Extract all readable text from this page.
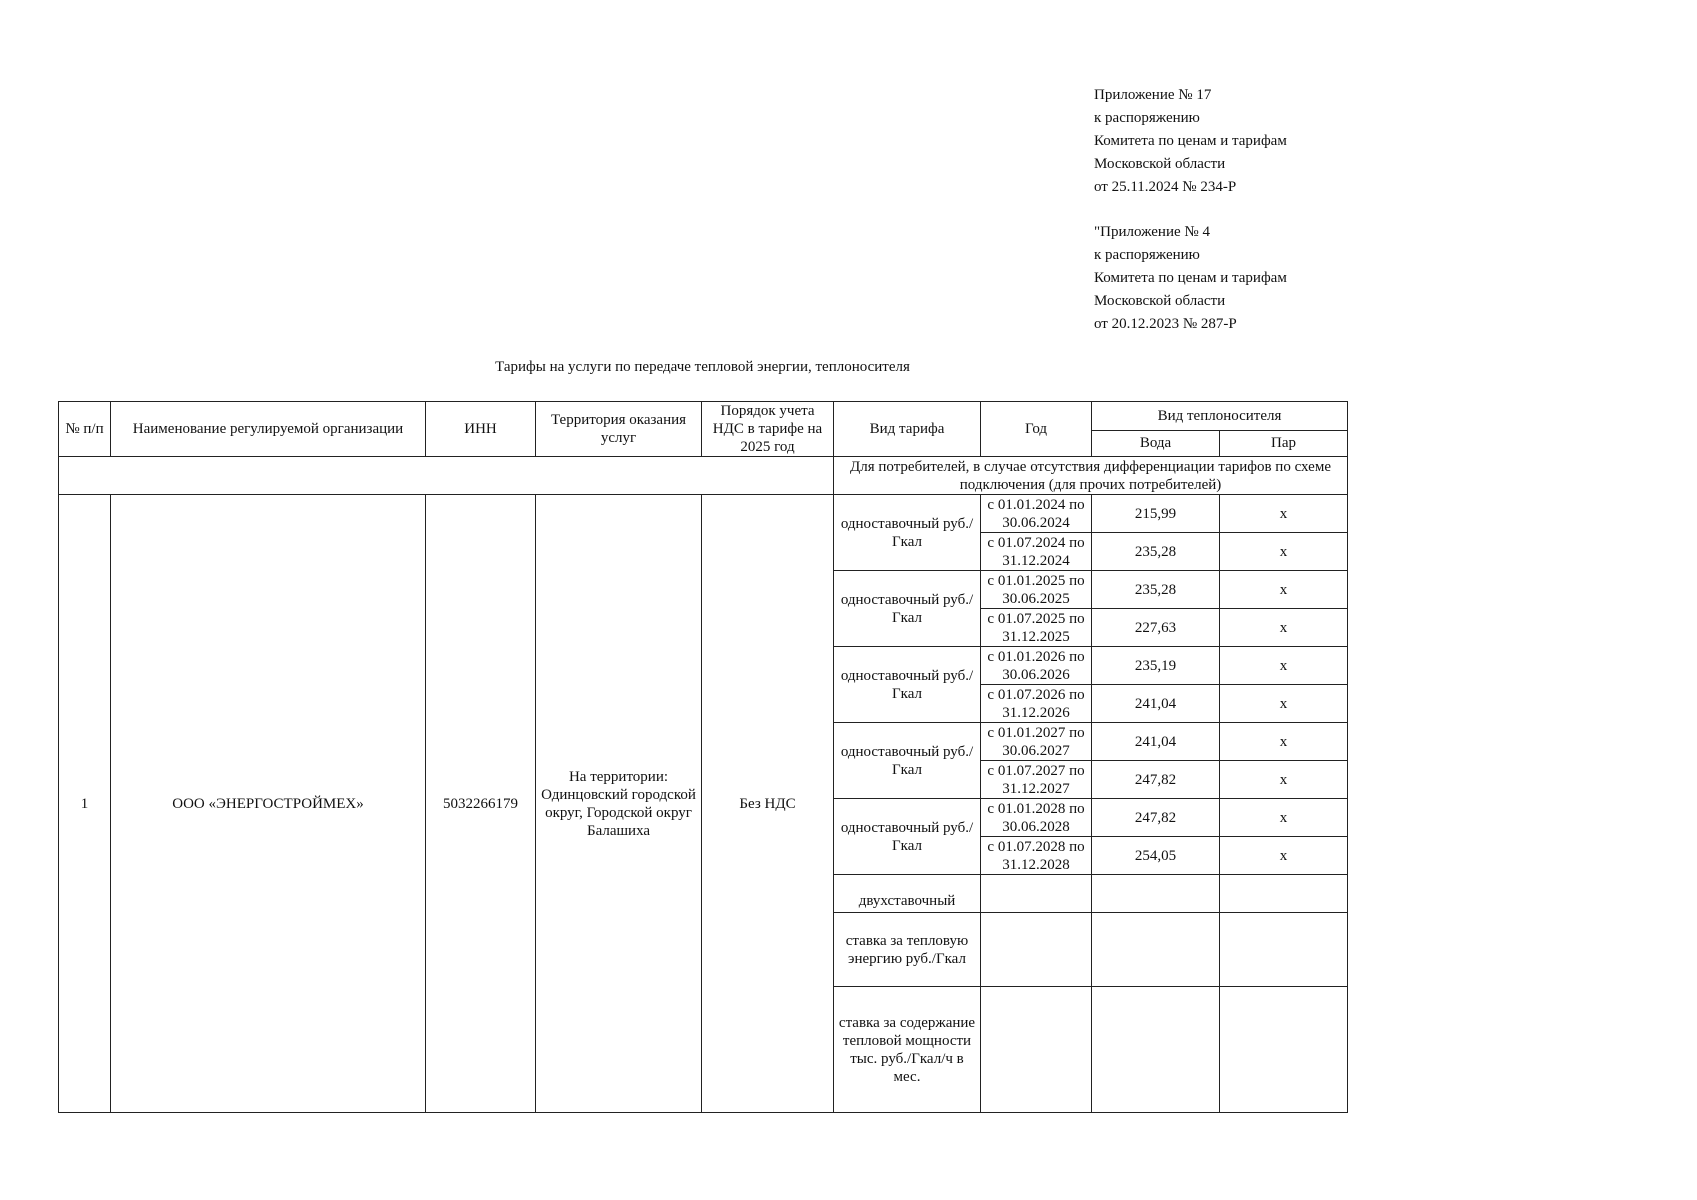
Приложение № 17
к распоряжению
Комитета по ценам и тарифам
Московской области
от 25.11.2024 № 234-Р
"Приложение № 4
к распоряжению
Комитета по ценам и тарифам
Московской области
от 20.12.2023 № 287-Р
Тарифы на услуги по передаче тепловой энергии, теплоносителя
№ п/п	Наименование регулируемой организации	ИНН	Территория оказания услуг	Порядок учета НДС в тарифе на 2025 год	Вид тарифа	Год	Вид теплоносителя	
							Вода	Пар
					Для потребителей, в случае отсутствия дифференциации тарифов по схеме подключения (для прочих потребителей)			
1	ООО «ЭНЕРГОСТРОЙМЕХ»	5032266179	На территории: Одинцовский городской округ, Городской округ Балашиха	Без НДС	одноставочный руб./Гкал	с 01.01.2024 по 30.06.2024	215,99	х
						с 01.07.2024 по 31.12.2024	235,28	х
					одноставочный руб./Гкал	с 01.01.2025 по 30.06.2025	235,28	х
						с 01.07.2025 по 31.12.2025	227,63	х
					одноставочный руб./Гкал	с 01.01.2026 по 30.06.2026	235,19	х
						с 01.07.2026 по 31.12.2026	241,04	х
					одноставочный руб./Гкал	с 01.01.2027 по 30.06.2027	241,04	х
						с 01.07.2027 по 31.12.2027	247,82	х
					одноставочный руб./Гкал	с 01.01.2028 по 30.06.2028	247,82	х
						с 01.07.2028 по 31.12.2028	254,05	х
					двухставочный			
					ставка за тепловую энергию руб./Гкал			
					ставка за содержание тепловой мощности тыс. руб./Гкал/ч в мес.			
